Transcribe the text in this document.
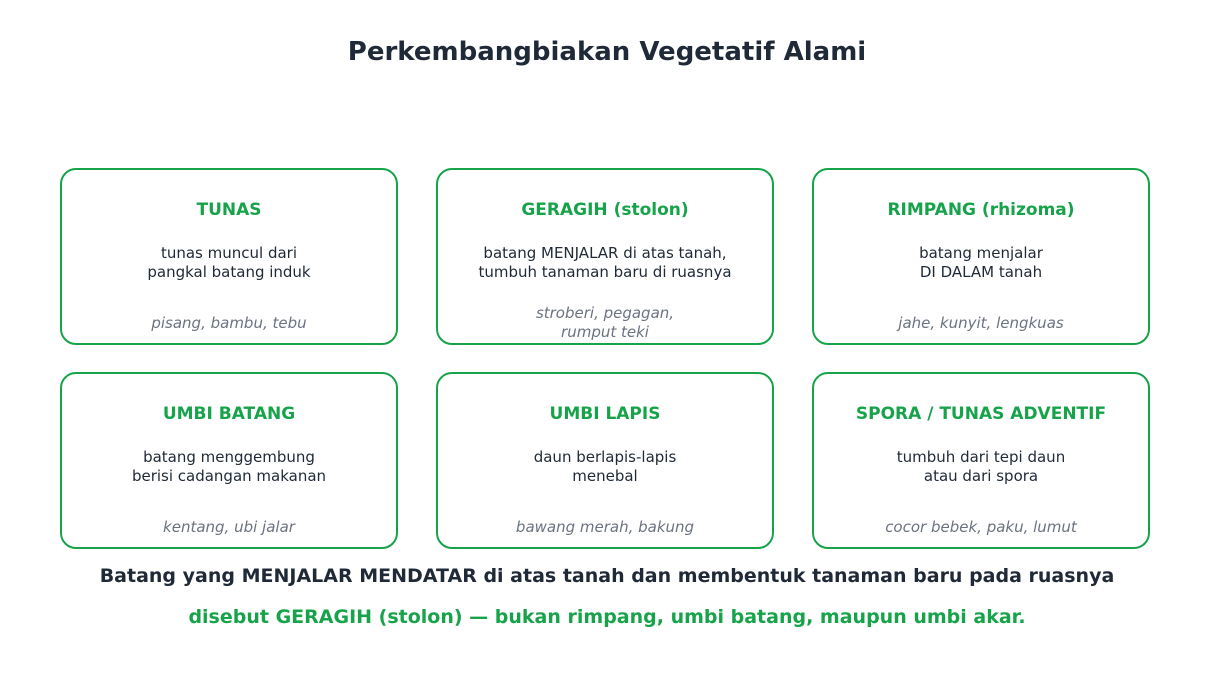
Perkembangbiakan Vegetatif Alami
TUNAS
tunas muncul dari
pangkal batang induk
pisang, bambu, tebu
GERAGIH (stolon)
batang MENJALAR di atas tanah,
tumbuh tanaman baru di ruasnya
stroberi, pegagan,
rumput teki
RIMPANG (rhizoma)
batang menjalar
DI DALAM tanah
jahe, kunyit, lengkuas
UMBI BATANG
batang menggembung
berisi cadangan makanan
kentang, ubi jalar
UMBI LAPIS
daun berlapis-lapis
menebal
bawang merah, bakung
SPORA / TUNAS ADVENTIF
tumbuh dari tepi daun
atau dari spora
cocor bebek, paku, lumut
Batang yang MENJALAR MENDATAR di atas tanah dan membentuk tanaman baru pada ruasnya
disebut GERAGIH (stolon) — bukan rimpang, umbi batang, maupun umbi akar.
